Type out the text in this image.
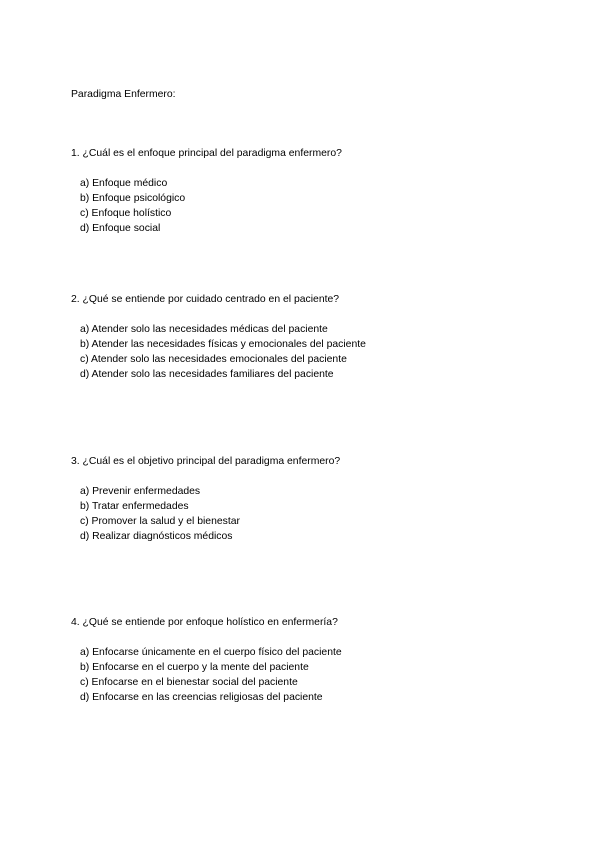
Paradigma Enfermero:

1. ¿Cuál es el enfoque principal del paradigma enfermero?

a) Enfoque médico
b) Enfoque psicológico
c) Enfoque holístico
d) Enfoque social

2. ¿Qué se entiende por cuidado centrado en el paciente?

a) Atender solo las necesidades médicas del paciente
b) Atender las necesidades físicas y emocionales del paciente
c) Atender solo las necesidades emocionales del paciente
d) Atender solo las necesidades familiares del paciente

3. ¿Cuál es el objetivo principal del paradigma enfermero?

a) Prevenir enfermedades
b) Tratar enfermedades
c) Promover la salud y el bienestar
d) Realizar diagnósticos médicos

4. ¿Qué se entiende por enfoque holístico en enfermería?

a) Enfocarse únicamente en el cuerpo físico del paciente
b) Enfocarse en el cuerpo y la mente del paciente
c) Enfocarse en el bienestar social del paciente
d) Enfocarse en las creencias religiosas del paciente
